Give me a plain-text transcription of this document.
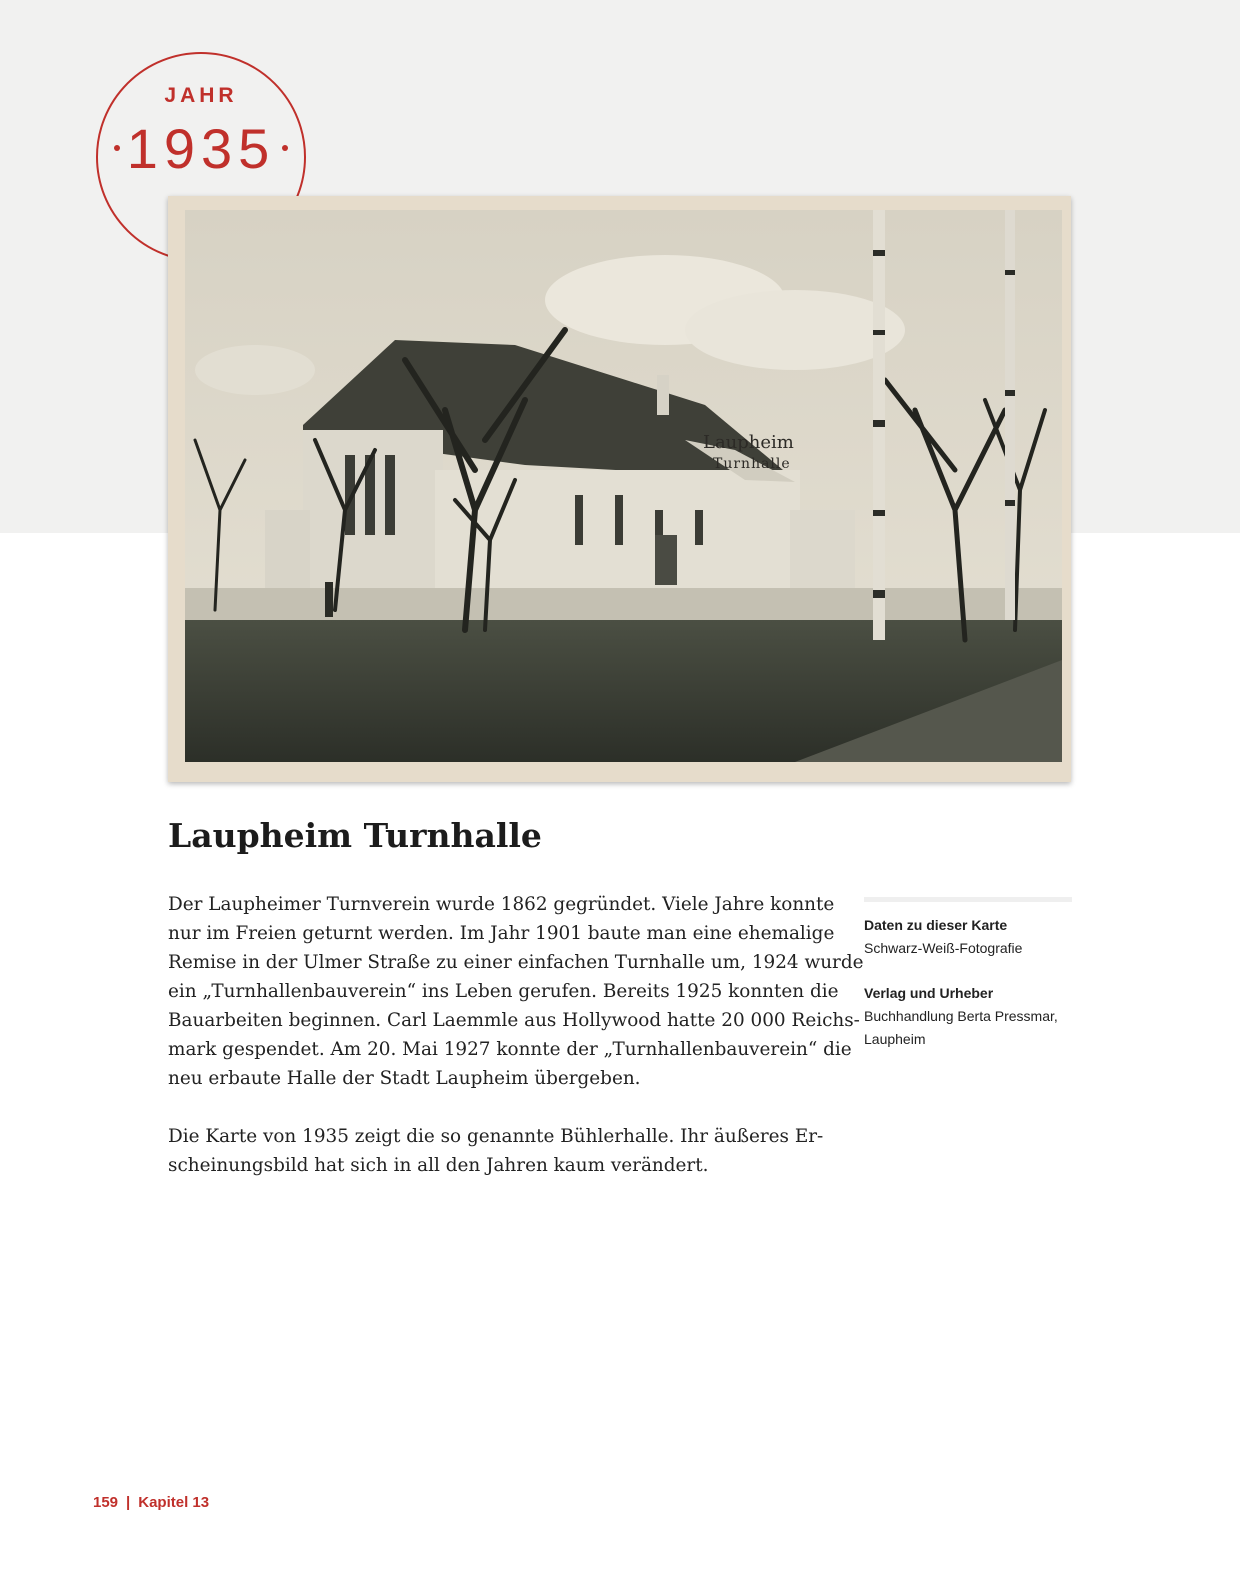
JAHR
1935
Laupheim
Turnhalle
Laupheim Turnhalle
Der Laupheimer Turnverein wurde 1862 gegründet. Viele Jahre konnte
nur im Freien geturnt werden. Im Jahr 1901 baute man eine ehemalige
Remise in der Ulmer Straße zu einer einfachen Turnhalle um, 1924 wurde
ein „Turnhallenbauverein“ ins Leben gerufen. Bereits 1925 konnten die
Bauarbeiten beginnen. Carl Laemmle aus Hollywood hatte 20 000 Reichs-
mark gespendet. Am 20. Mai 1927 konnte der „Turnhallenbauverein“ die
neu erbaute Halle der Stadt Laupheim übergeben.
Die Karte von 1935 zeigt die so genannte Bühlerhalle. Ihr äußeres Er-
scheinungsbild hat sich in all den Jahren kaum verändert.
Daten zu dieser Karte
Schwarz-Weiß-Fotografie
Verlag und Urheber
Buchhandlung Berta Pressmar,
Laupheim
159 | Kapitel 13
